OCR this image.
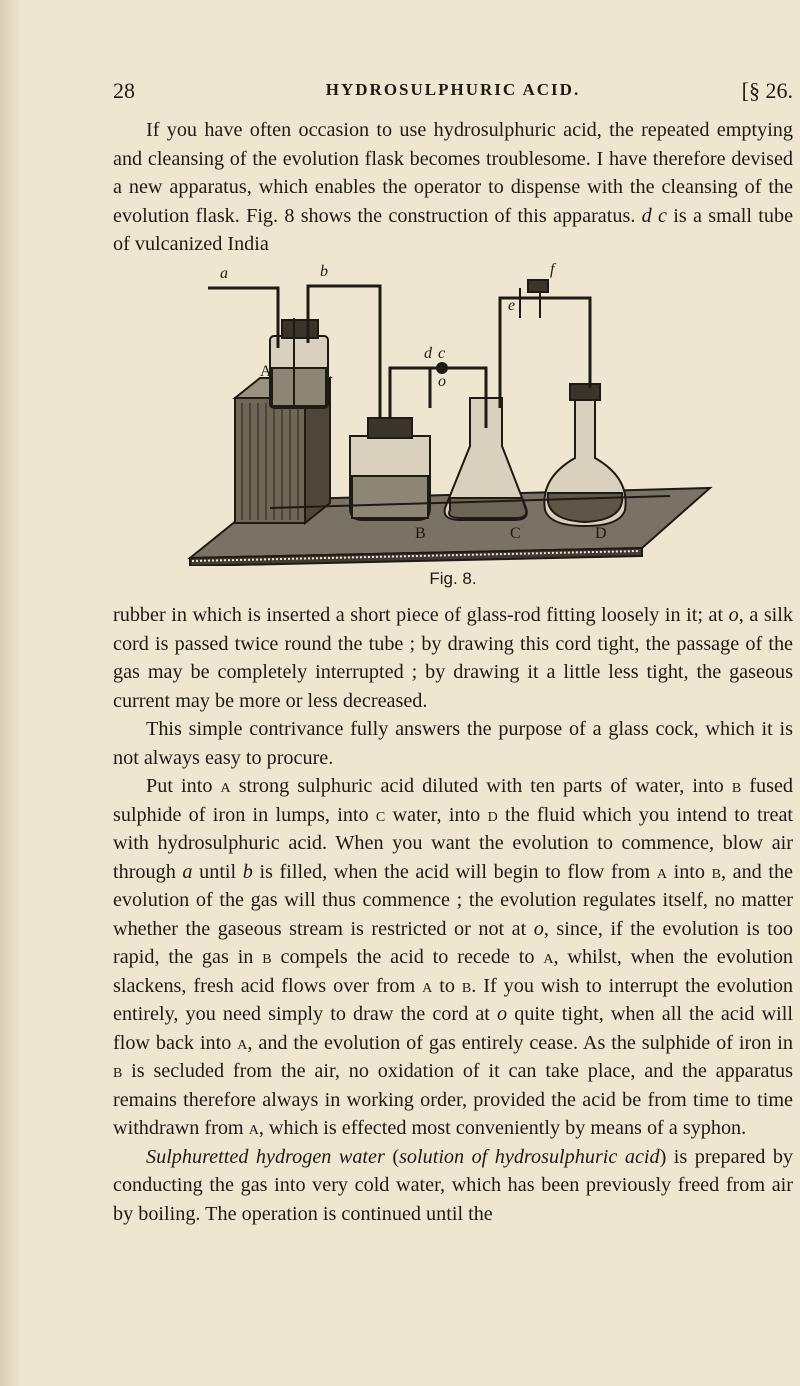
28	HYDROSULPHURIC ACID.	[§ 26.

If you have often occasion to use hydrosulphuric acid, the repeated emptying and cleansing of the evolution flask becomes troublesome. I have therefore devised a new apparatus, which enables the operator to dispense with the cleansing of the evolution flask. Fig. 8 shows the construction of this apparatus. d c is a small tube of vulcanized India

a	b
A
B	C	D
c
d
e
f
o
Fig. 8.

rubber in which is inserted a short piece of glass-rod fitting loosely in it; at o, a silk cord is passed twice round the tube ; by drawing this cord tight, the passage of the gas may be completely interrupted ; by drawing it a little less tight, the gaseous current may be more or less decreased.

This simple contrivance fully answers the purpose of a glass cock, which it is not always easy to procure.

Put into a strong sulphuric acid diluted with ten parts of water, into b fused sulphide of iron in lumps, into c water, into d the fluid which you intend to treat with hydrosulphuric acid. When you want the evolution to commence, blow air through a until b is filled, when the acid will begin to flow from a into b, and the evolution of the gas will thus commence ; the evolution regulates itself, no matter whether the gaseous stream is restricted or not at o, since, if the evolution is too rapid, the gas in b compels the acid to recede to a, whilst, when the evolution slackens, fresh acid flows over from a to b. If you wish to interrupt the evolution entirely, you need simply to draw the cord at o quite tight, when all the acid will flow back into a, and the evolution of gas entirely cease. As the sulphide of iron in b is secluded from the air, no oxidation of it can take place, and the apparatus remains therefore always in working order, provided the acid be from time to time withdrawn from a, which is effected most conveniently by means of a syphon.

Sulphuretted hydrogen water (solution of hydrosulphuric acid) is prepared by conducting the gas into very cold water, which has been previously freed from air by boiling. The operation is continued until the
